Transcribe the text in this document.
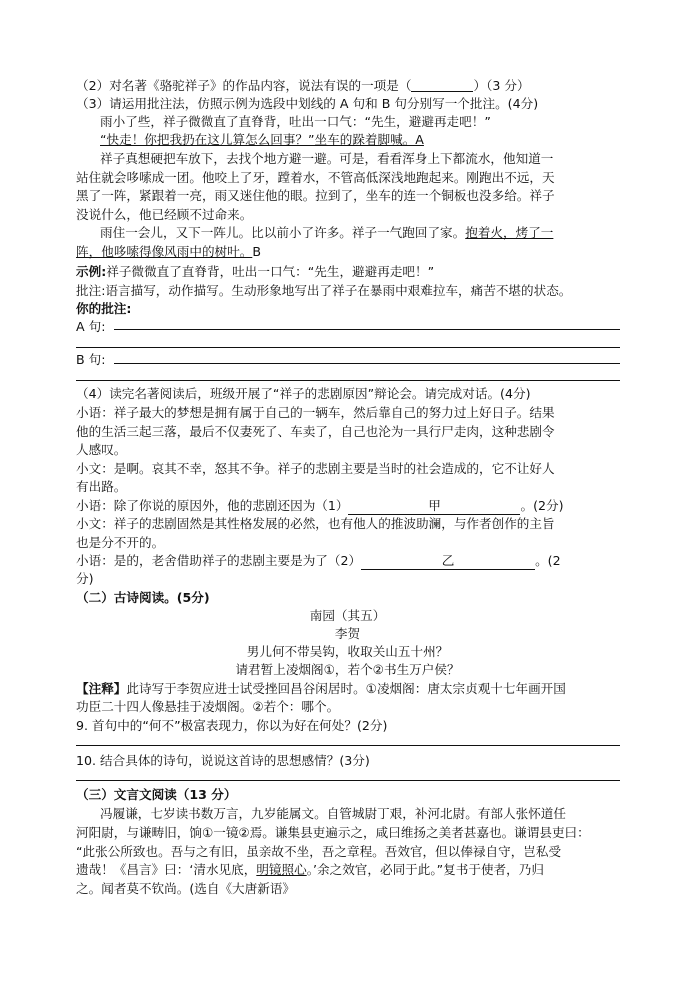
（2）对名著《骆驼祥子》的作品内容，说法有误的一项是（	）（3 分）
（3）请运用批注法，仿照示例为选段中划线的 A 句和 B 句分别写一个批注。(4分)
雨小了些，祥子微微直了直脊背，吐出一口气：“先生，避避再走吧！”
“快走！你把我扔在这儿算怎么回事？”坐车的跺着脚喊。A
祥子真想硬把车放下，去找个地方避一避。可是，看看浑身上下都流水，他知道一
站住就会哆嗦成一团。他咬上了牙，蹚着水，不管高低深浅地跑起来。刚跑出不远，天
黑了一阵，紧跟着一亮，雨又迷住他的眼。拉到了，坐车的连一个铜板也没多给。祥子
没说什么，他已经顾不过命来。
雨住一会儿，又下一阵儿。比以前小了许多。祥子一气跑回了家。抱着火，烤了一
阵，他哆嗦得像风雨中的树叶。B
示例:祥子微微直了直脊背，吐出一口气：“先生，避避再走吧！”
批注:语言描写，动作描写。生动形象地写出了祥子在暴雨中艰难拉车，痛苦不堪的状态。
你的批注:
A 句:
B 句:
（4）读完名著阅读后，班级开展了“祥子的悲剧原因”辩论会。请完成对话。(4分)
小语：祥子最大的梦想是拥有属于自己的一辆车，然后靠自己的努力过上好日子。结果
他的生活三起三落，最后不仅妻死了、车卖了，自己也沦为一具行尸走肉，这种悲剧令
人感叹。
小文：是啊。哀其不幸，怒其不争。祥子的悲剧主要是当时的社会造成的，它不让好人
有出路。
小语：除了你说的原因外，他的悲剧还因为（1）	甲	。(2分)
小文：祥子的悲剧固然是其性格发展的必然，也有他人的推波助澜，与作者创作的主旨
也是分不开的。
小语：是的，老舍借助祥子的悲剧主要是为了（2）	乙	。(2
分)
（二）古诗阅读。(5分)
南园（其五）
李贺
男儿何不带吴钩，收取关山五十州？
请君暂上凌烟阁①，若个②书生万户侯？
【注释】此诗写于李贺应进士试受挫回昌谷闲居时。①凌烟阁：唐太宗贞观十七年画开国
功臣二十四人像悬挂于凌烟阁。②若个：哪个。
9. 首句中的“何不”极富表现力，你以为好在何处？(2分)
10. 结合具体的诗句，说说这首诗的思想感情？(3分)
（三）文言文阅读（13 分）
冯履谦，七岁读书数万言，九岁能属文。自管城尉丁艰，补河北尉。有部人张怀道任
河阳尉，与谦畴旧，饷①一镜②焉。谦集县吏遍示之，咸曰维扬之美者甚嘉也。谦谓县吏曰：
“此张公所致也。吾与之有旧，虽亲故不坐，吾之章程。吾效官，但以俸禄自守，岂私受
遗哉！《昌言》曰：‘清水见底，明镜照心。’余之效官，必同于此。”复书于使者，乃归
之。闻者莫不钦尚。(选自《大唐新语》
